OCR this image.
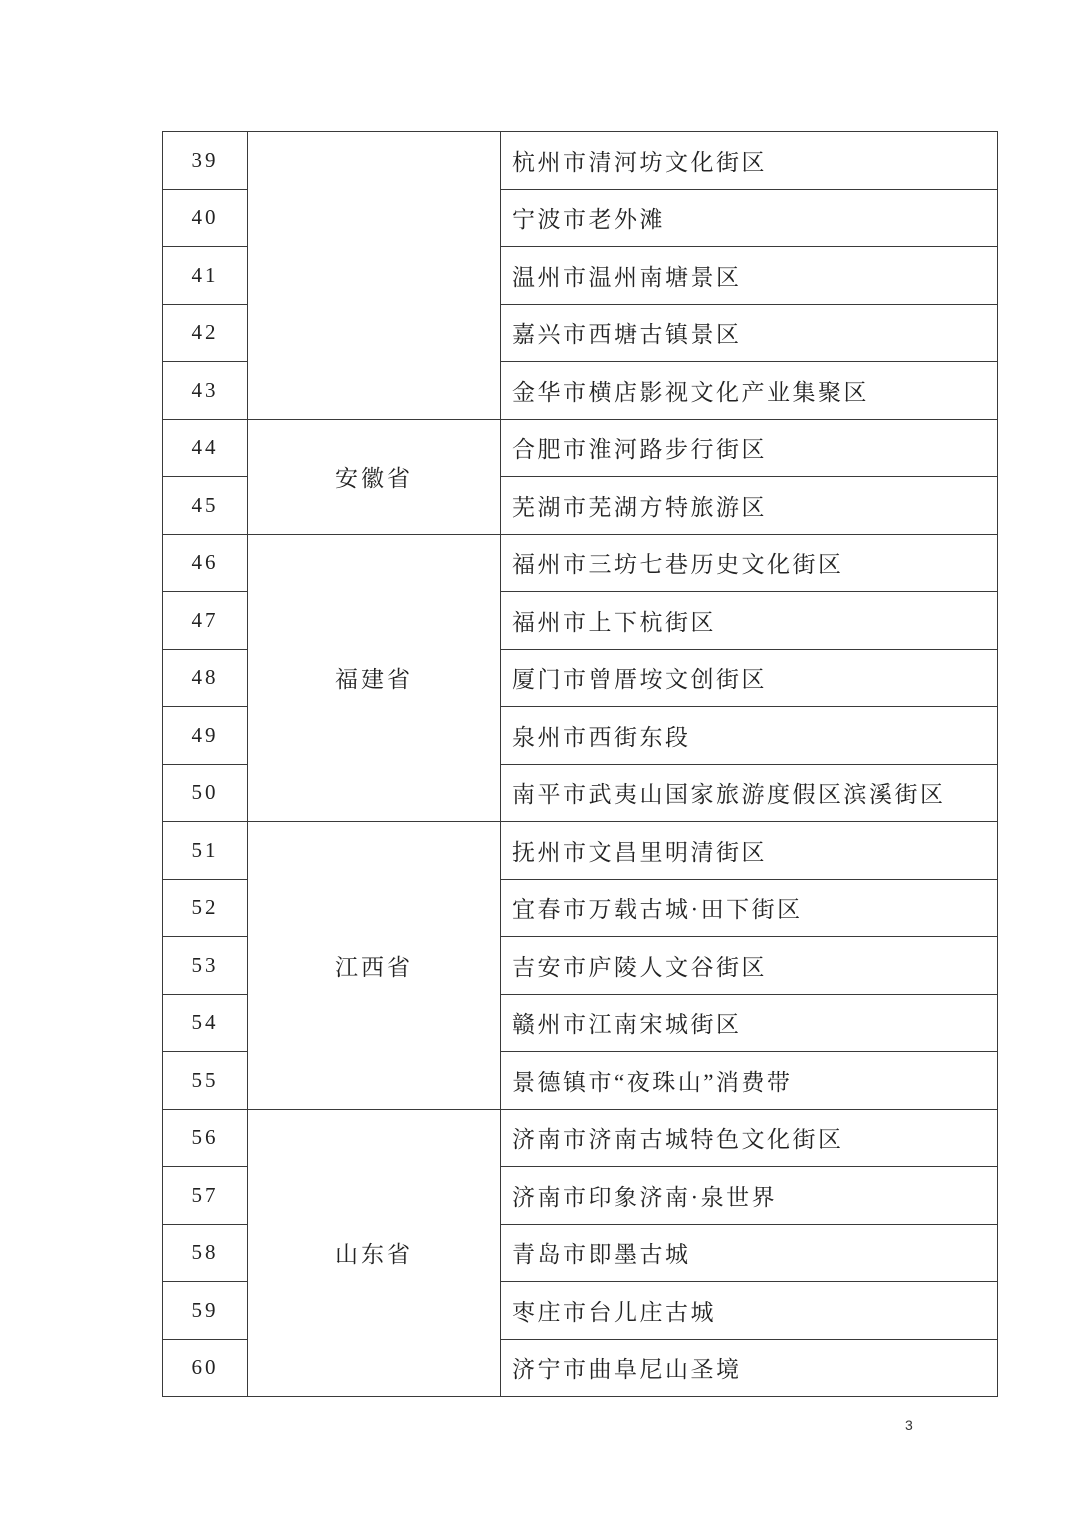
39		杭州市清河坊文化街区
40		宁波市老外滩
41		温州市温州南塘景区
42		嘉兴市西塘古镇景区
43		金华市横店影视文化产业集聚区
44	安徽省	合肥市淮河路步行街区
45		芜湖市芜湖方特旅游区
46	福建省	福州市三坊七巷历史文化街区
47		福州市上下杭街区
48		厦门市曾厝垵文创街区
49		泉州市西街东段
50		南平市武夷山国家旅游度假区滨溪街区
51	江西省	抚州市文昌里明清街区
52		宜春市万载古城·田下街区
53		吉安市庐陵人文谷街区
54		赣州市江南宋城街区
55		景德镇市“夜珠山”消费带
56	山东省	济南市济南古城特色文化街区
57		济南市印象济南·泉世界
58		青岛市即墨古城
59		枣庄市台儿庄古城
60		济宁市曲阜尼山圣境
3
